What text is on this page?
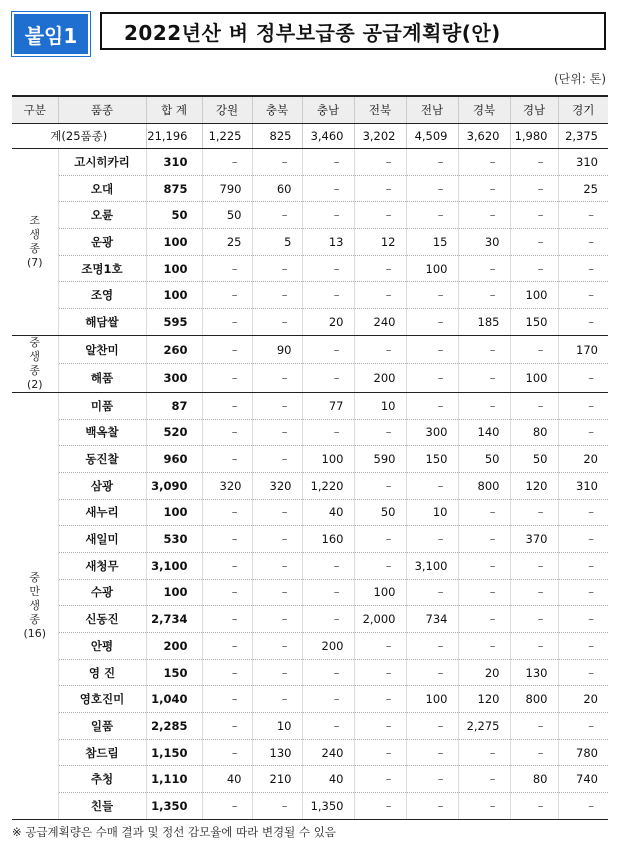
붙임1	2022년산 벼 정부보급종 공급계획량(안)
(단위: 톤)
구분	품종	합 계	강원	충북	충남	전북	전남	경북	경남	경기
계(25품종)		21,196	1,225	825	3,460	3,202	4,509	3,620	1,980	2,375

조
생
종
(7)	고시히카리	310	–	–	–	–	–	–	–	310
	오대	875	790	60	–	–	–	–	–	25
	오륜	50	50	–	–	–	–	–	–	–
	운광	100	25	5	13	12	15	30	–	–
	조명1호	100	–	–	–	–	100	–	–	–
	조영	100	–	–	–	–	–	–	100	–
	해담쌀	595	–	–	20	240	–	185	150	–

중
생
종
(2)	알찬미	260	–	90	–	–	–	–	–	170
	해품	300	–	–	–	200	–	–	100	–

중
만
생
종
(16)	미품	87	–	–	77	10	–	–	–	–
	백옥찰	520	–	–	–	–	300	140	80	–
	동진찰	960	–	–	100	590	150	50	50	20
	삼광	3,090	320	320	1,220	–	–	800	120	310
	새누리	100	–	–	40	50	10	–	–	–
	새일미	530	–	–	160	–	–	–	370	–
	새청무	3,100	–	–	–	–	3,100	–	–	–
	수광	100	–	–	–	100	–	–	–	–
	신동진	2,734	–	–	–	2,000	734	–	–	–
	안평	200	–	–	200	–	–	–	–	–
	영 진	150	–	–	–	–	–	20	130	–
	영호진미	1,040	–	–	–	–	100	120	800	20
	일품	2,285	–	10	–	–	–	2,275	–	–
	참드림	1,150	–	130	240	–	–	–	–	780
	추청	1,110	40	210	40	–	–	–	80	740
	친들	1,350	–	–	1,350	–	–	–	–	–
※ 공급계획량은 수매 결과 및 정선 감모율에 따라 변경될 수 있음
